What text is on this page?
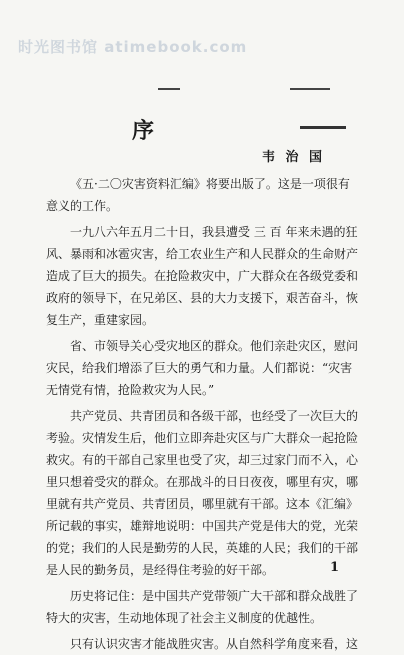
时光图书馆 atimebook.com
序
韦 治 国
《五·二〇灾害资料汇编》将要出版了。这是一项很有
意义的工作。
一九八六年五月二十日，我县遭受 三 百 年来未遇的狂
风、暴雨和冰雹灾害，给工农业生产和人民群众的生命财产
造成了巨大的损失。在抢险救灾中，广大群众在各级党委和
政府的领导下，在兄弟区、县的大力支援下，艰苦奋斗，恢
复生产，重建家园。
省、市领导关心受灾地区的群众。他们亲赴灾区，慰问
灾民，给我们增添了巨大的勇气和力量。人们都说：“灾害
无情党有情，抢险救灾为人民。”
共产党员、共青团员和各级干部，也经受了一次巨大的
考验。灾情发生后，他们立即奔赴灾区与广大群众一起抢险
救灾。有的干部自己家里也受了灾，却三过家门而不入，心
里只想着受灾的群众。在那战斗的日日夜夜，哪里有灾，哪
里就有共产党员、共青团员，哪里就有干部。这本《汇编》
所记载的事实，雄辩地说明：中国共产党是伟大的党，光荣
的党；我们的人民是勤劳的人民，英雄的人民；我们的干部
是人民的勤务员，是经得住考验的好干部。
历史将记住：是中国共产党带领广大干部和群众战胜了
特大的灾害，生动地体现了社会主义制度的优越性。
只有认识灾害才能战胜灾害。从自然科学角度来看，这
1
